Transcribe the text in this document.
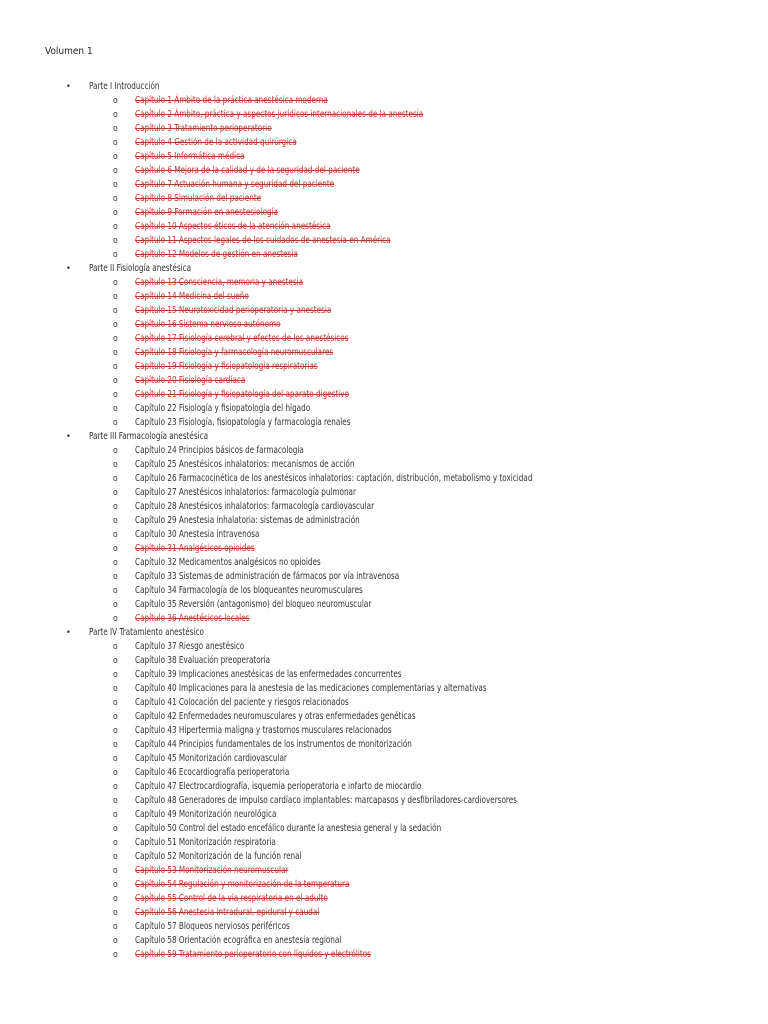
Volumen 1
• Parte I Introducción
o Capítulo 1 Ámbito de la práctica anestésica moderna
o Capítulo 2 Ámbito, práctica y aspectos jurídicos internacionales de la anestesia
o Capítulo 3 Tratamiento perioperatorio
o Capítulo 4 Gestión de la actividad quirúrgica
o Capítulo 5 Informática médica
o Capítulo 6 Mejora de la calidad y de la seguridad del paciente
o Capítulo 7 Actuación humana y seguridad del paciente
o Capítulo 8 Simulación del paciente
o Capítulo 9 Formación en anestesiología
o Capítulo 10 Aspectos éticos de la atención anestésica
o Capítulo 11 Aspectos legales de los cuidados de anestesia en América
o Capítulo 12 Modelos de gestión en anestesia
• Parte II Fisiología anestésica
o Capítulo 13 Consciencia, memoria y anestesia
o Capítulo 14 Medicina del sueño
o Capítulo 15 Neurotoxicidad perioperatoria y anestesia
o Capítulo 16 Sistema nervioso autónomo
o Capítulo 17 Fisiología cerebral y efectos de los anestésicos
o Capítulo 18 Fisiología y farmacología neuromusculares
o Capítulo 19 Fisiología y fisiopatología respiratorias
o Capítulo 20 Fisiología cardíaca
o Capítulo 21 Fisiología y fisiopatología del aparato digestivo
o Capítulo 22 Fisiología y fisiopatología del hígado
o Capítulo 23 Fisiología, fisiopatología y farmacología renales
• Parte III Farmacología anestésica
o Capítulo 24 Principios básicos de farmacología
o Capítulo 25 Anestésicos inhalatorios: mecanismos de acción
o Capítulo 26 Farmacocinética de los anestésicos inhalatorios: captación, distribución, metabolismo y toxicidad
o Capítulo 27 Anestésicos inhalatorios: farmacología pulmonar
o Capítulo 28 Anestésicos inhalatorios: farmacología cardiovascular
o Capítulo 29 Anestesia inhalatoria: sistemas de administración
o Capítulo 30 Anestesia intravenosa
o Capítulo 31 Analgésicos opioides
o Capítulo 32 Medicamentos analgésicos no opioides
o Capítulo 33 Sistemas de administración de fármacos por vía intravenosa
o Capítulo 34 Farmacología de los bloqueantes neuromusculares
o Capítulo 35 Reversión (antagonismo) del bloqueo neuromuscular
o Capítulo 36 Anestésicos locales
• Parte IV Tratamiento anestésico
o Capítulo 37 Riesgo anestésico
o Capítulo 38 Evaluación preoperatoria
o Capítulo 39 Implicaciones anestésicas de las enfermedades concurrentes
o Capítulo 40 Implicaciones para la anestesia de las medicaciones complementarias y alternativas
o Capítulo 41 Colocación del paciente y riesgos relacionados
o Capítulo 42 Enfermedades neuromusculares y otras enfermedades genéticas
o Capítulo 43 Hipertermia maligna y trastornos musculares relacionados
o Capítulo 44 Principios fundamentales de los instrumentos de monitorización
o Capítulo 45 Monitorización cardiovascular
o Capítulo 46 Ecocardiografía perioperatoria
o Capítulo 47 Electrocardiografía, isquemia perioperatoria e infarto de miocardio
o Capítulo 48 Generadores de impulso cardíaco implantables: marcapasos y desfibriladores-cardioversores
o Capítulo 49 Monitorización neurológica
o Capítulo 50 Control del estado encefálico durante la anestesia general y la sedación
o Capítulo 51 Monitorización respiratoria
o Capítulo 52 Monitorización de la función renal
o Capítulo 53 Monitorización neuromuscular
o Capítulo 54 Regulación y monitorización de la temperatura
o Capítulo 55 Control de la vía respiratoria en el adulto
o Capítulo 56 Anestesia intradural, epidural y caudal
o Capítulo 57 Bloqueos nerviosos periféricos
o Capítulo 58 Orientación ecográfica en anestesia regional
o Capítulo 59 Tratamiento perioperatorio con líquidos y electrólitos
